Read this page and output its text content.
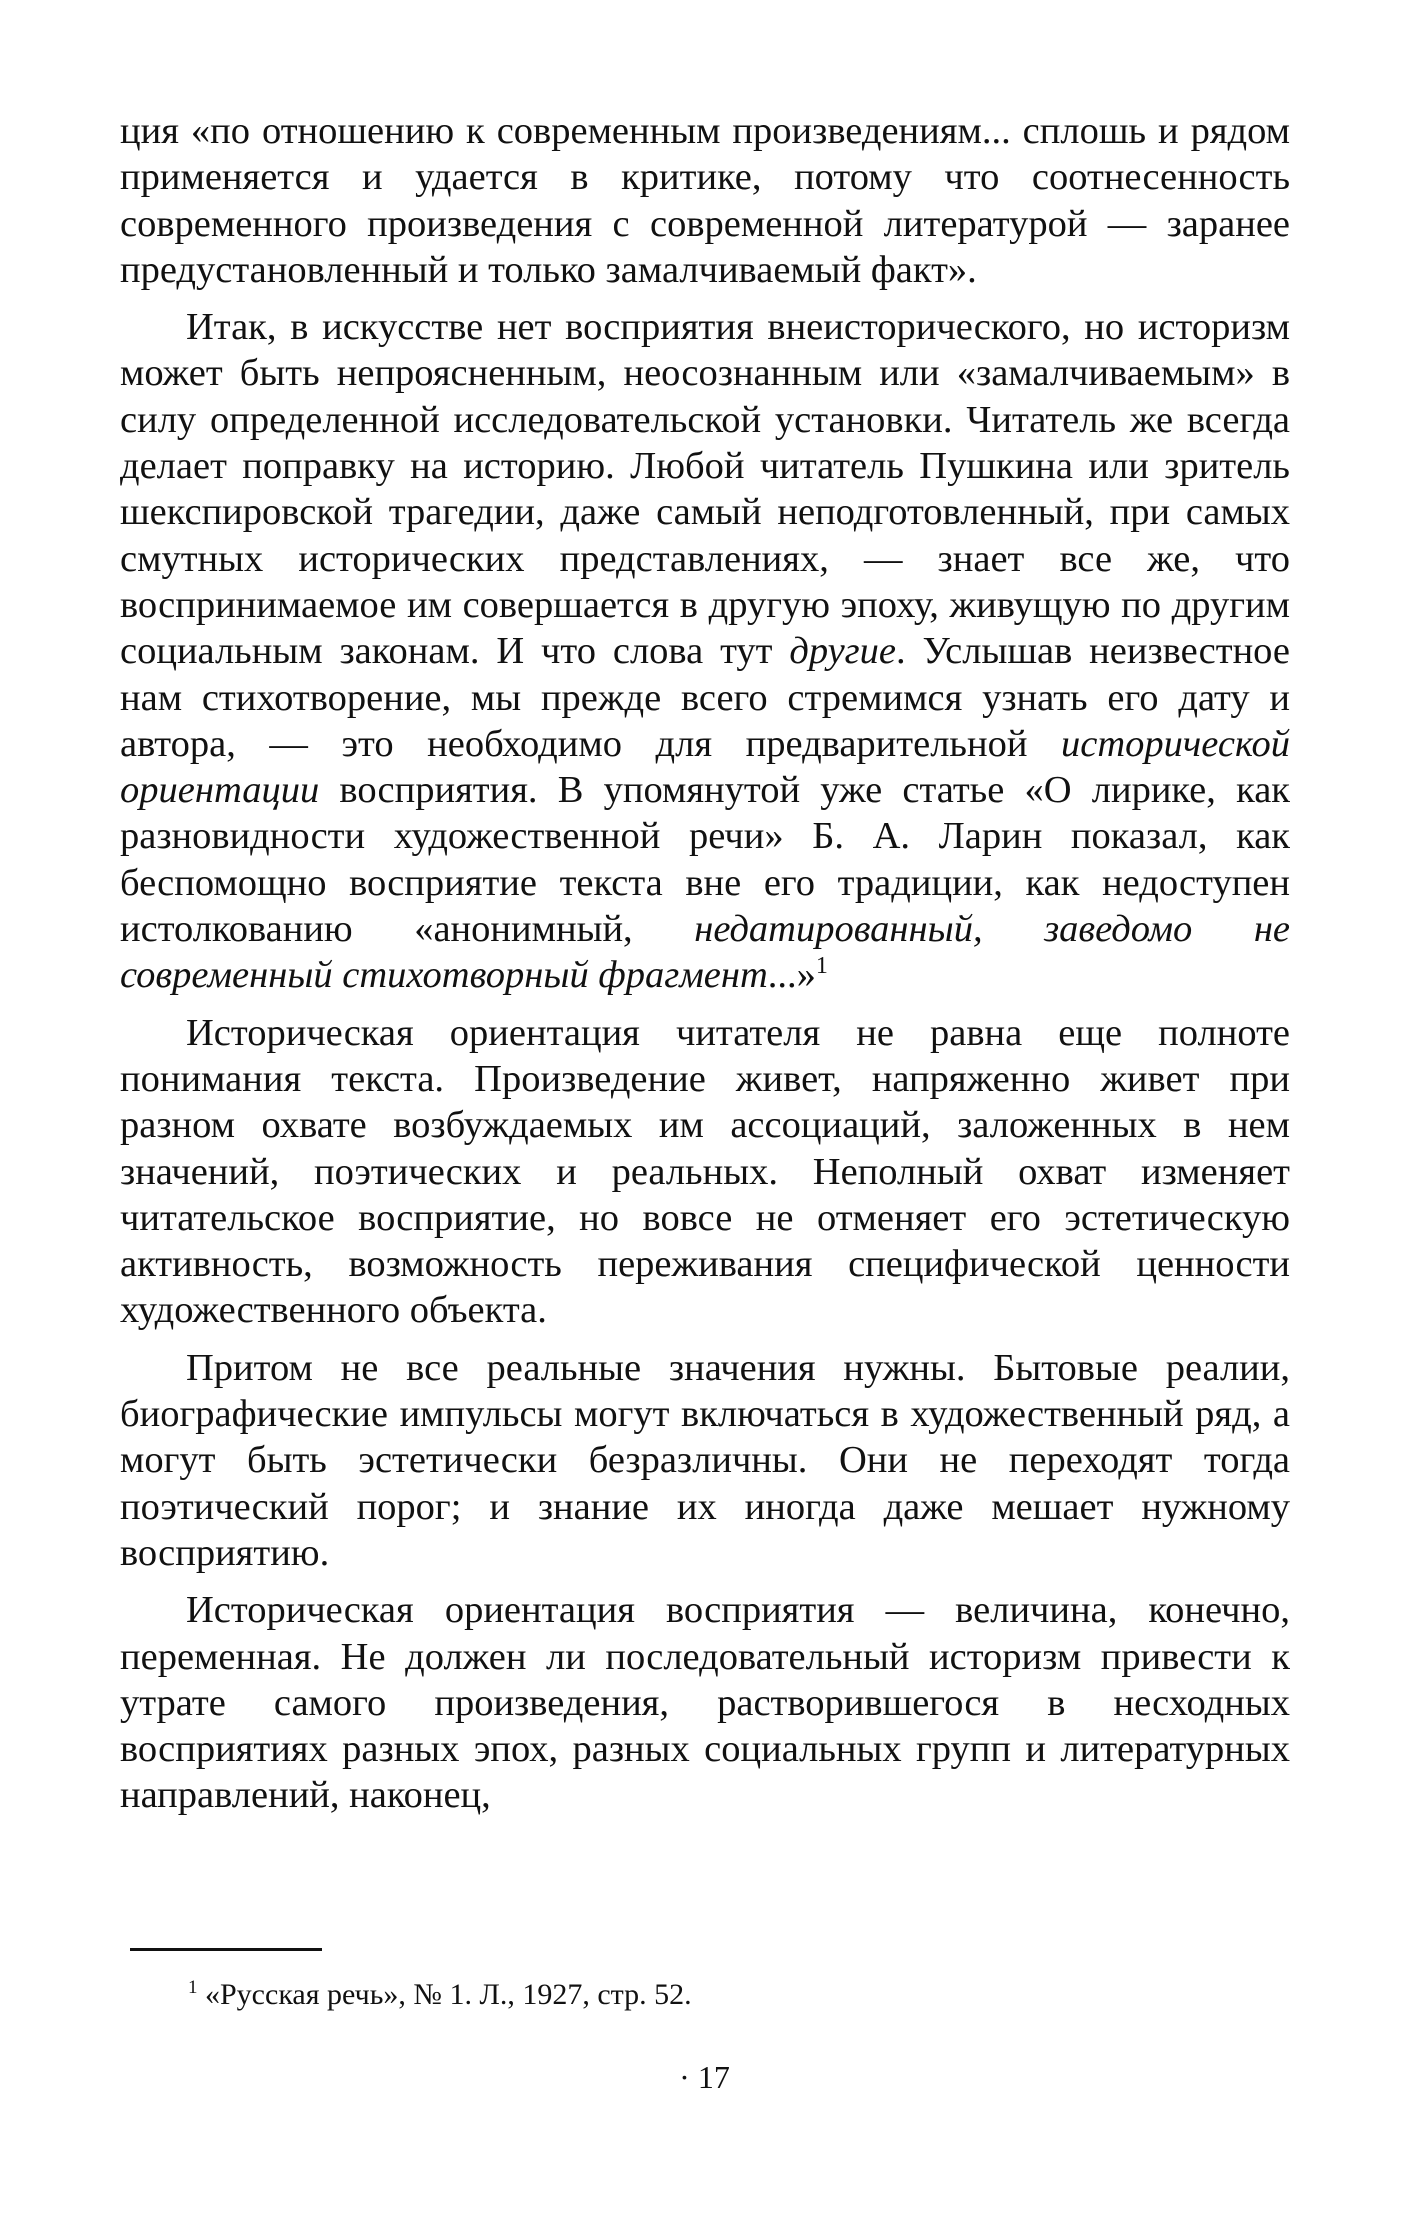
ция «по отношению к современным произведениям... сплошь и рядом применяется и удается в критике, потому что соотнесенность современного произведения с современной литературой — заранее предустановленный и только замалчиваемый факт».

Итак, в искусстве нет восприятия внеисторического, но историзм может быть непроясненным, неосознанным или «замалчиваемым» в силу определенной исследовательской установки. Читатель же всегда делает поправку на историю. Любой читатель Пушкина или зритель шекспировской трагедии, даже самый неподготовленный, при самых смутных исторических представлениях, — знает все же, что воспринимаемое им совершается в другую эпоху, живущую по другим социальным законам. И что слова тут другие. Услышав неизвестное нам стихотворение, мы прежде всего стремимся узнать его дату и автора, — это необходимо для предварительной исторической ориентации восприятия. В упомянутой уже статье «О лирике, как разновидности художественной речи» Б. А. Ларин показал, как беспомощно восприятие текста вне его традиции, как недоступен истолкованию «анонимный, недатированный, заведомо не современный стихотворный фрагмент...»$^1$

Историческая ориентация читателя не равна еще полноте понимания текста. Произведение живет, напряженно живет при разном охвате возбуждаемых им ассоциаций, заложенных в нем значений, поэтических и реальных. Неполный охват изменяет читательское восприятие, но вовсе не отменяет его эстетическую активность, возможность переживания специфической ценности художественного объекта.

Притом не все реальные значения нужны. Бытовые реалии, биографические импульсы могут включаться в художественный ряд, а могут быть эстетически безразличны. Они не переходят тогда поэтический порог; и знание их иногда даже мешает нужному восприятию.

Историческая ориентация восприятия — величина, конечно, переменная. Не должен ли последовательный историзм привести к утрате самого произведения, растворившегося в несходных восприятиях разных эпох, разных социальных групп и литературных направлений, наконец,

$^1$ «Русская речь», № 1. Л., 1927, стр. 52.
· 17
